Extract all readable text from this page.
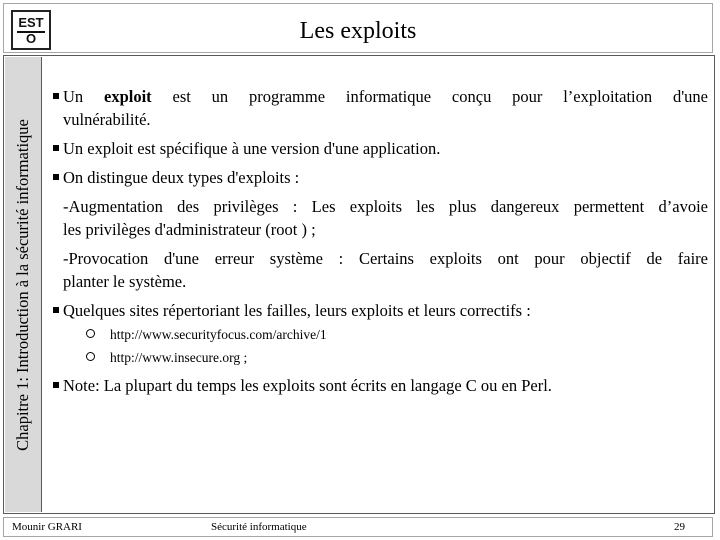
EST
O	Les exploits
Chapitre 1: Introduction à la sécurité informatique
Un exploit est un programme informatique conçu pour l’exploitation d'une
vulnérabilité.
Un exploit est spécifique à une version d'une application.
On distingue deux types d'exploits :
-Augmentation des privilèges : Les exploits les plus dangereux permettent d’avoie
les privilèges d'administrateur (root ) ;
-Provocation d'une erreur système : Certains exploits ont pour objectif de faire
planter le système.
Quelques sites répertoriant les failles, leurs exploits et leurs correctifs :
http://www.securityfocus.com/archive/1
http://www.insecure.org ;
Note: La plupart du temps les exploits sont écrits en langage C ou en Perl.
Mounir GRARI	Sécurité informatique	29
